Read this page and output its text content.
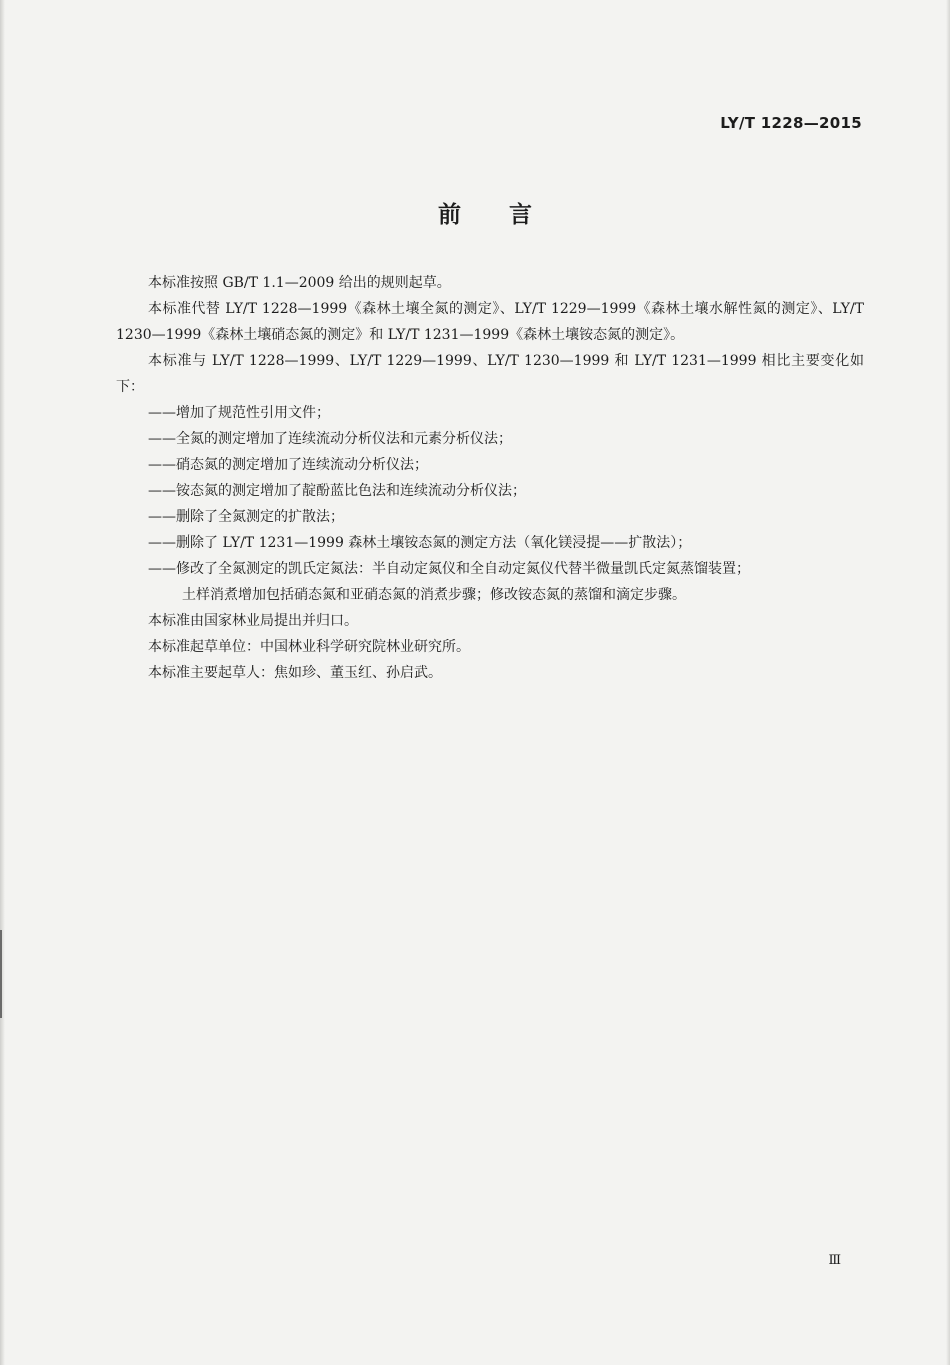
LY/T 1228—2015
前言

本标准按照 GB/T 1.1—2009 给出的规则起草。

本标准代替 LY/T 1228—1999《森林土壤全氮的测定》、LY/T 1229—1999《森林土壤水解性氮的测定》、LY/T 1230—1999《森林土壤硝态氮的测定》和 LY/T 1231—1999《森林土壤铵态氮的测定》。

本标准与 LY/T 1228—1999、LY/T 1229—1999、LY/T 1230—1999 和 LY/T 1231—1999 相比主要变化如下：

——增加了规范性引用文件；

——全氮的测定增加了连续流动分析仪法和元素分析仪法；

——硝态氮的测定增加了连续流动分析仪法；

——铵态氮的测定增加了靛酚蓝比色法和连续流动分析仪法；

——删除了全氮测定的扩散法；

——删除了 LY/T 1231—1999 森林土壤铵态氮的测定方法（氧化镁浸提——扩散法）；

——修改了全氮测定的凯氏定氮法：半自动定氮仪和全自动定氮仪代替半微量凯氏定氮蒸馏装置；

土样消煮增加包括硝态氮和亚硝态氮的消煮步骤；修改铵态氮的蒸馏和滴定步骤。

本标准由国家林业局提出并归口。

本标准起草单位：中国林业科学研究院林业研究所。

本标准主要起草人：焦如珍、董玉红、孙启武。

Ⅲ
